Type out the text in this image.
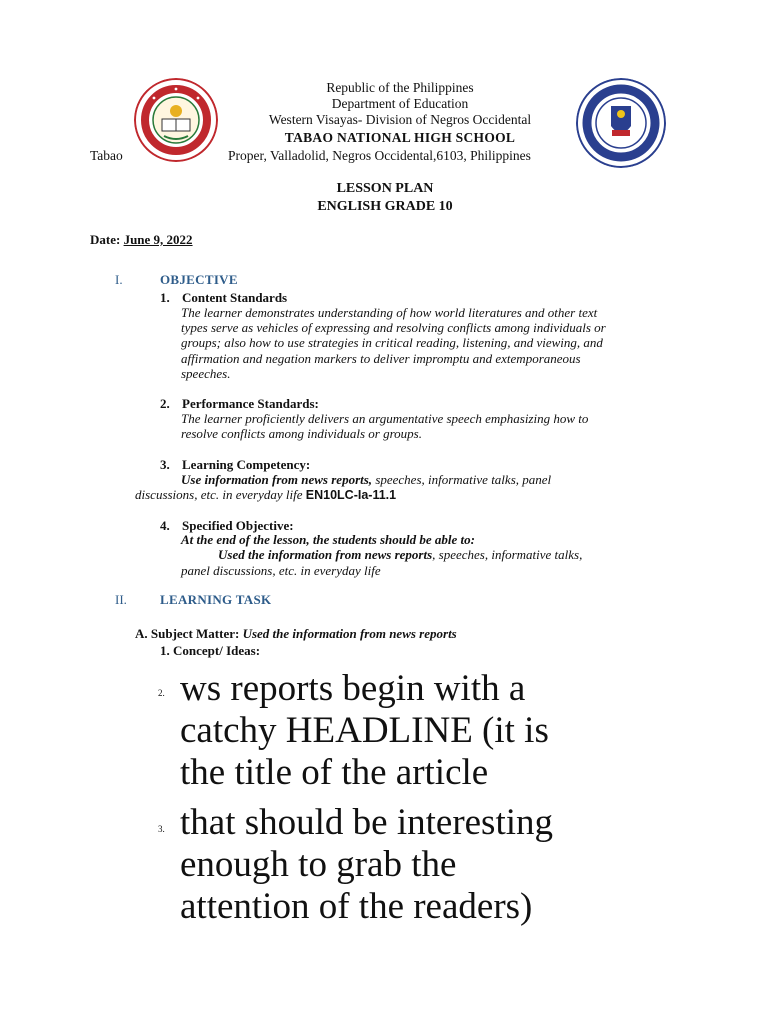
Republic of the Philippines
Department of Education
Western Visayas- Division of Negros Occidental
TABAO NATIONAL HIGH SCHOOL
Tabao	Proper, Valladolid, Negros Occidental,6103, Philippines
LESSON PLAN
ENGLISH GRADE 10
Date: June 9, 2022
I.	OBJECTIVE
1. Content Standards
The learner demonstrates understanding of how world literatures and other text
types serve as vehicles of expressing and resolving conflicts among individuals or
groups; also how to use strategies in critical reading, listening, and viewing, and
affirmation and negation markers to deliver impromptu and extemporaneous
speeches.
2. Performance Standards:
The learner proficiently delivers an argumentative speech emphasizing how to
resolve conflicts among individuals or groups.
3. Learning Competency:
Use information from news reports, speeches, informative talks, panel
discussions, etc. in everyday life EN10LC-Ia-11.1
4. Specified Objective:
At the end of the lesson, the students should be able to:
Used the information from news reports, speeches, informative talks,
panel discussions, etc. in everyday life
II.	LEARNING TASK
A. Subject Matter: Used the information from news reports
1. Concept/ Ideas:
2. ws reports begin with a
catchy HEADLINE (it is
the title of the article
3. that should be interesting
enough to grab the
attention of the readers)
